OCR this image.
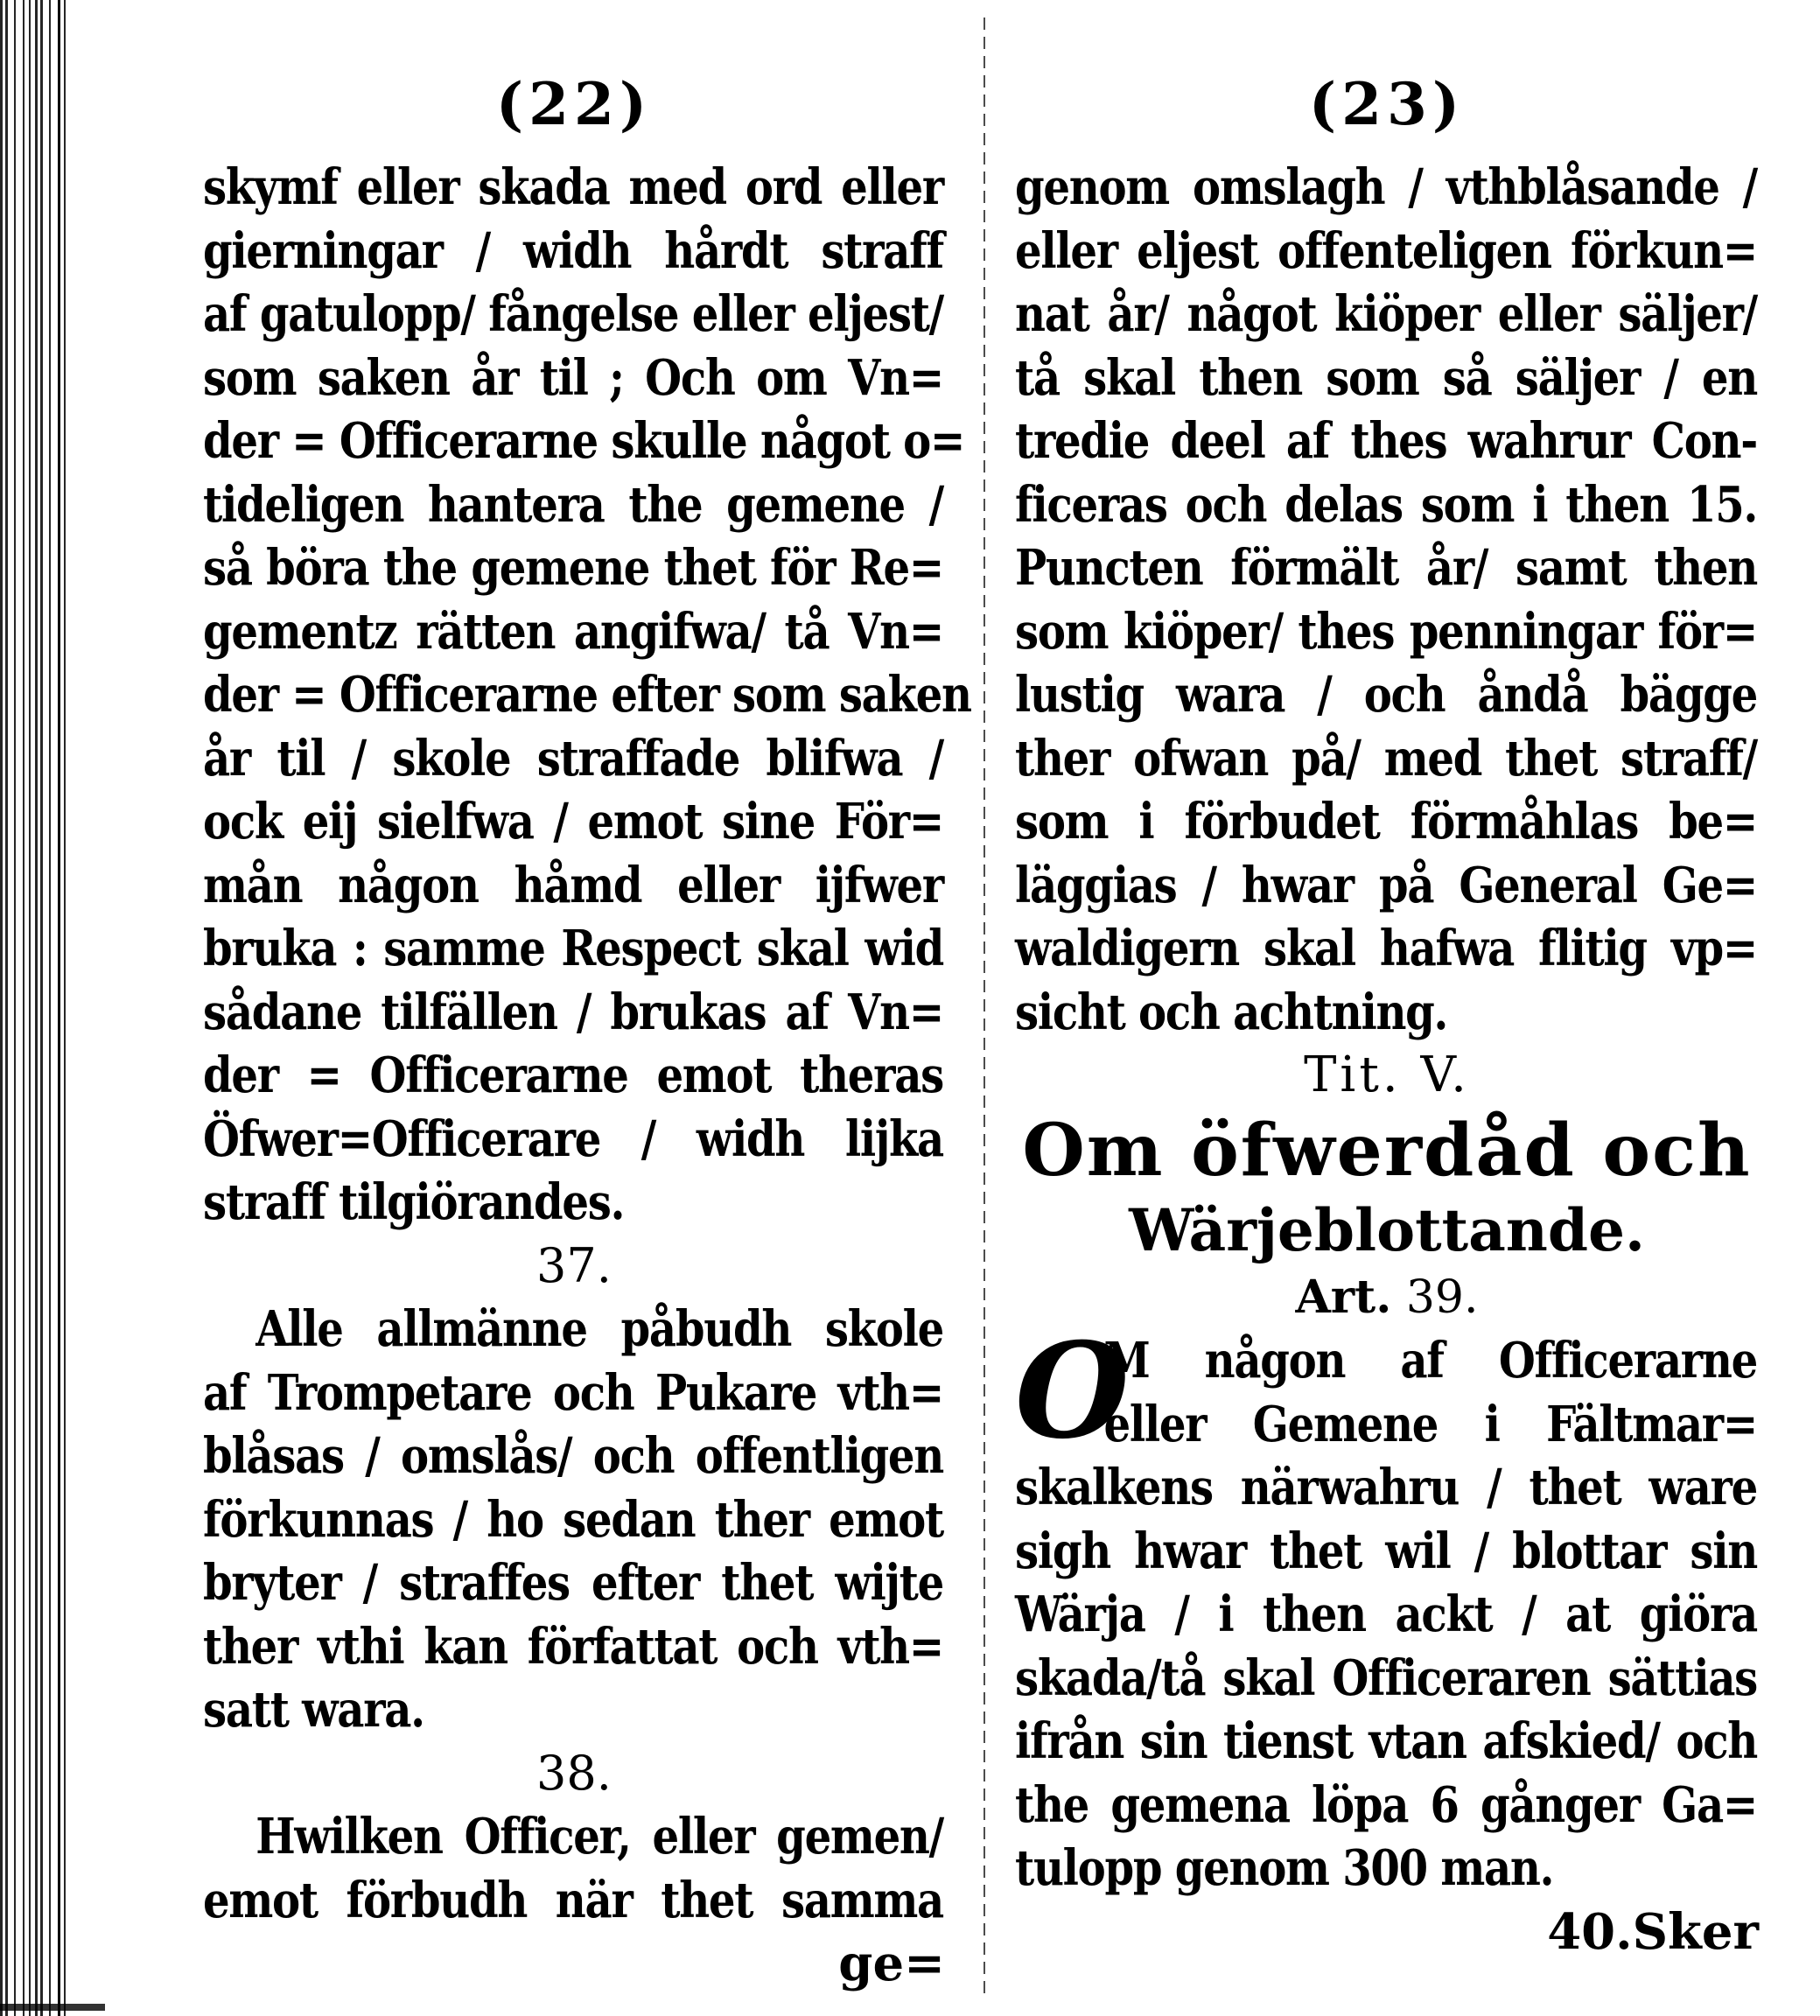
(22)
skymf eller skada med ord eller
gierningar / widh hårdt straff
af gatulopp/ fångelse eller eljest/
som saken år til ; Och om Vn=
der = Officerarne skulle något o=
tideligen hantera the gemene /
så böra the gemene thet för Re=
gementz rätten angifwa/ tå Vn=
der = Officerarne efter som saken
år til / skole straffade blifwa /
ock eij sielfwa / emot sine För=
mån någon håmd eller ijfwer
bruka : samme Respect skal wid
sådane tilfällen / brukas af Vn=
der = Officerarne emot theras
Öfwer=Officerare / widh lijka
straff tilgiörandes.
37.
Alle allmänne påbudh skole
af Trompetare och Pukare vth=
blåsas / omslås/ och offentligen
förkunnas / ho sedan ther emot
bryter / straffes efter thet wijte
ther vthi kan författat och vth=
satt wara.
38.
Hwilken Officer, eller gemen/
emot förbudh när thet samma
ge=
(23)
genom omslagh / vthblåsande /
eller eljest offenteligen förkun=
nat år/ något kiöper eller säljer/
tå skal then som så säljer / en
tredie deel af thes wahrur Con-
ficeras och delas som i then 15.
Puncten förmält år/ samt then
som kiöper/ thes penningar för=
lustig wara / och åndå bägge
ther ofwan på/ med thet straff/
som i förbudet förmåhlas be=
läggias / hwar på General Ge=
waldigern skal hafwa flitig vp=
sicht och achtning.
Tit. V.
Om öfwerdåd och
Wärjeblottande.
Art. 39.
O
M någon af Officerarne
eller Gemene i Fältmar=
skalkens närwahru / thet ware
sigh hwar thet wil / blottar sin
Wärja / i then ackt / at giöra
skada/tå skal Officeraren sättias
ifrån sin tienst vtan afskied/ och
the gemena löpa 6 gånger Ga=
tulopp genom 300 man.
40.Sker
